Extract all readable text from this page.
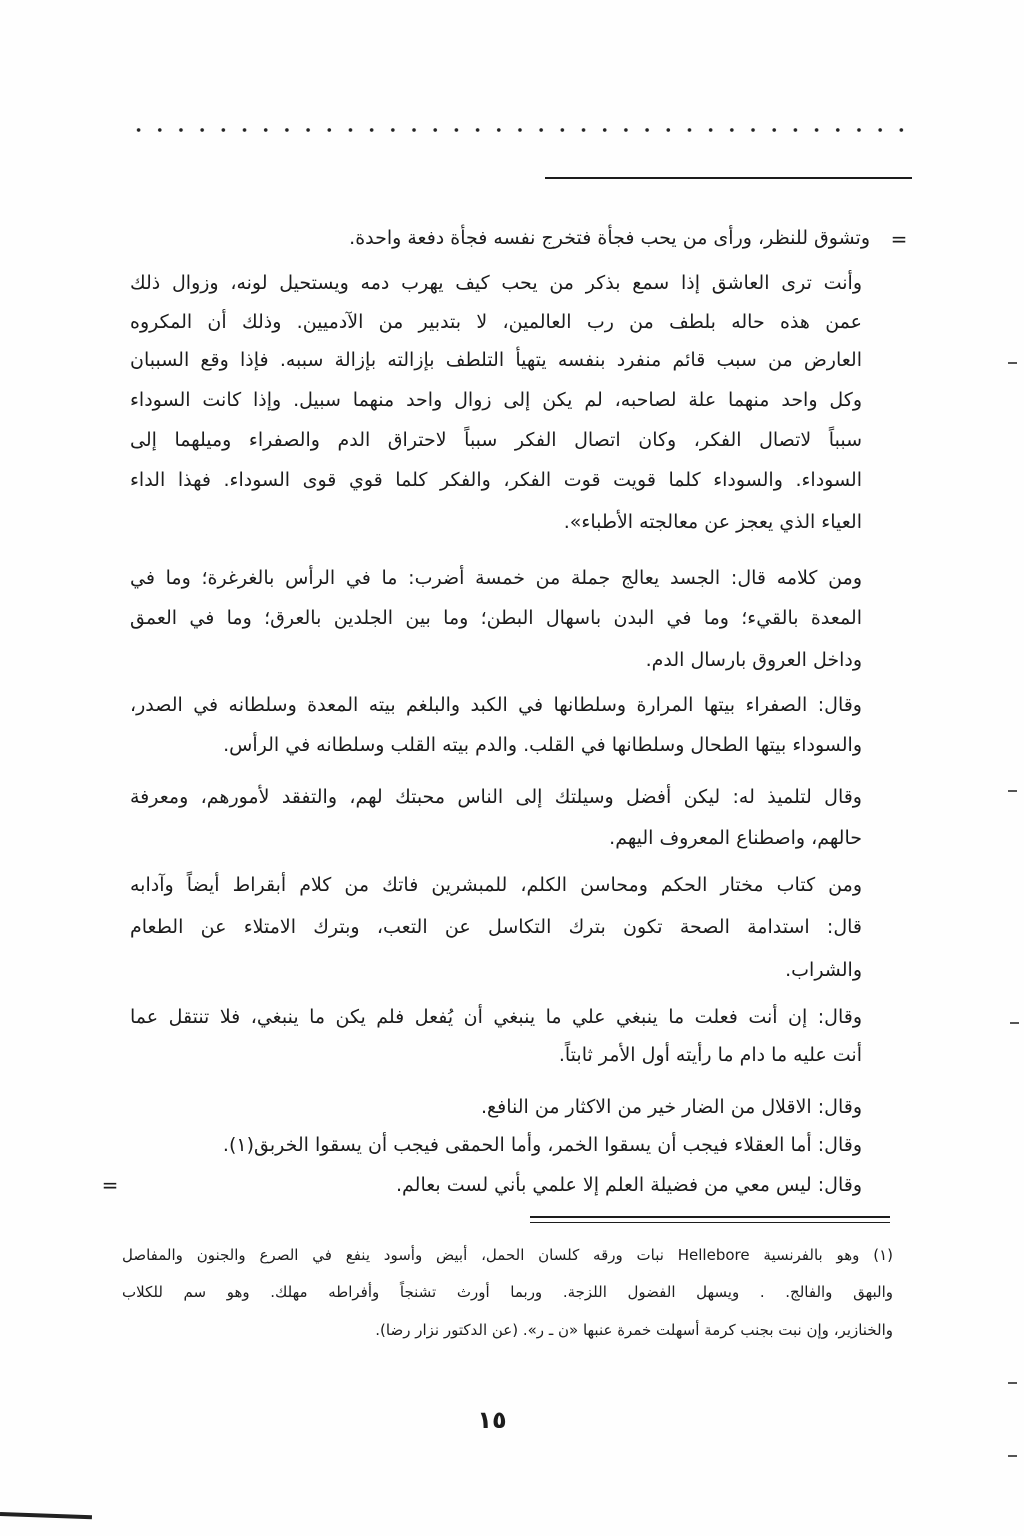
=
وتشوق للنظر، ورأى من يحب فجأة فتخرج نفسه فجأة دفعة واحدة.
وأنت ترى العاشق إذا سمع بذكر من يحب كيف يهرب دمه ويستحيل لونه، وزوال ذلك
عمن هذه حاله بلطف من رب العالمين، لا بتدبير من الآدميين. وذلك أن المكروه
العارض من سبب قائم منفرد بنفسه يتهيأ التلطف بإزالته بإزالة سببه. فإذا وقع السببان
وكل واحد منهما علة لصاحبه، لم يكن إلى زوال واحد منهما سبيل. وإذا كانت السوداء
سبباً لاتصال الفكر، وكان اتصال الفكر سبباً لاحتراق الدم والصفراء وميلهما إلى
السوداء. والسوداء كلما قويت قوت الفكر، والفكر كلما قوي قوى السوداء. فهذا الداء
العياء الذي يعجز عن معالجته الأطباء».
ومن كلامه قال: الجسد يعالج جملة من خمسة أضرب: ما في الرأس بالغرغرة؛ وما في
المعدة بالقيء؛ وما في البدن باسهال البطن؛ وما بين الجلدين بالعرق؛ وما في العمق
وداخل العروق بارسال الدم.
وقال: الصفراء بيتها المرارة وسلطانها في الكبد والبلغم بيته المعدة وسلطانه في الصدر،
والسوداء بيتها الطحال وسلطانها في القلب. والدم بيته القلب وسلطانه في الرأس.
وقال لتلميذ له: ليكن أفضل وسيلتك إلى الناس محبتك لهم، والتفقد لأمورهم، ومعرفة
حالهم، واصطناع المعروف اليهم.
ومن كتاب مختار الحكم ومحاسن الكلم، للمبشرين فاتك من كلام أبقراط أيضاً وآدابه
قال: استدامة الصحة تكون بترك التكاسل عن التعب، وبترك الامتلاء عن الطعام
والشراب.
وقال: إن أنت فعلت ما ينبغي علي ما ينبغي أن يُفعل فلم يكن ما ينبغي، فلا تنتقل عما
أنت عليه ما دام ما رأيته أول الأمر ثابتاً.
وقال: الاقلال من الضار خير من الاكثار من النافع.
وقال: أما العقلاء فيجب أن يسقوا الخمر، وأما الحمقى فيجب أن يسقوا الخربق(١).
وقال: ليس معي من فضيلة العلم إلا علمي بأني لست بعالم.
=
(١) وهو بالفرنسية Hellebore نبات ورقه كلسان الحمل، أبيض وأسود ينفع في الصرع والجنون والمفاصل
والبهق والفالج. . ويسهل الفضول اللزجة. وربما أورث تشنجاً وأفراطه مهلك. وهو سم للكلاب
والخنازير، وإن نبت بجنب كرمة أسهلت خمرة عنبها «ن ـ ر». (عن الدكتور نزار رضا).
١٥
